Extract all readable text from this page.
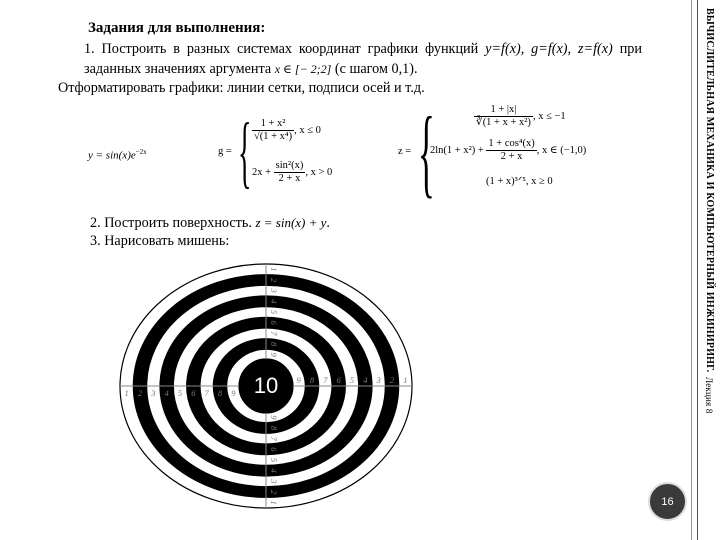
ВЫЧИСЛИТЕЛЬНАЯ МЕХАНИКА И КОМПЬЮТЕРНЫЙ ИНЖИНИРИНГ. Лекция 8
Задания для выполнения:

1. Построить в разных системах координат графики функций y=f(x), g=f(x), z=f(x) при заданных значениях аргумента x ∈ [− 2;2] (с шагом 0,1).

Отформатировать графики: линии сетки, подписи осей и т.д.

$y = \sin(x)e^{-2x}$	g = { $\frac{\text{1 + x²}}{\text{√(1 + x⁴)}}$ , x ≤ 0
$2x + \frac{\text{sin²(x)}}{2 + x}$ , x > 0
z = {	$\frac{1 + |x|}{\text{∛(1 + x + x²)}}$ , x ≤ −1
$2\ln(1 + x^2) + \frac{\text{1 + cos⁴(x)}}{2 + x}$ , x ∈ (−1,0)
(1 + x)³ᐟ⁵, x ≥ 0

2. Построить поверхность. z = sin(x) + y.

3. Нарисовать мишень:

1
1
1
1
2
2
2
2
3
3
3
3
4
4
4
4
5
5
5
5
6
6
6
6
7
7
7
7
8
8
8
8
9
9
9
9
10
16
